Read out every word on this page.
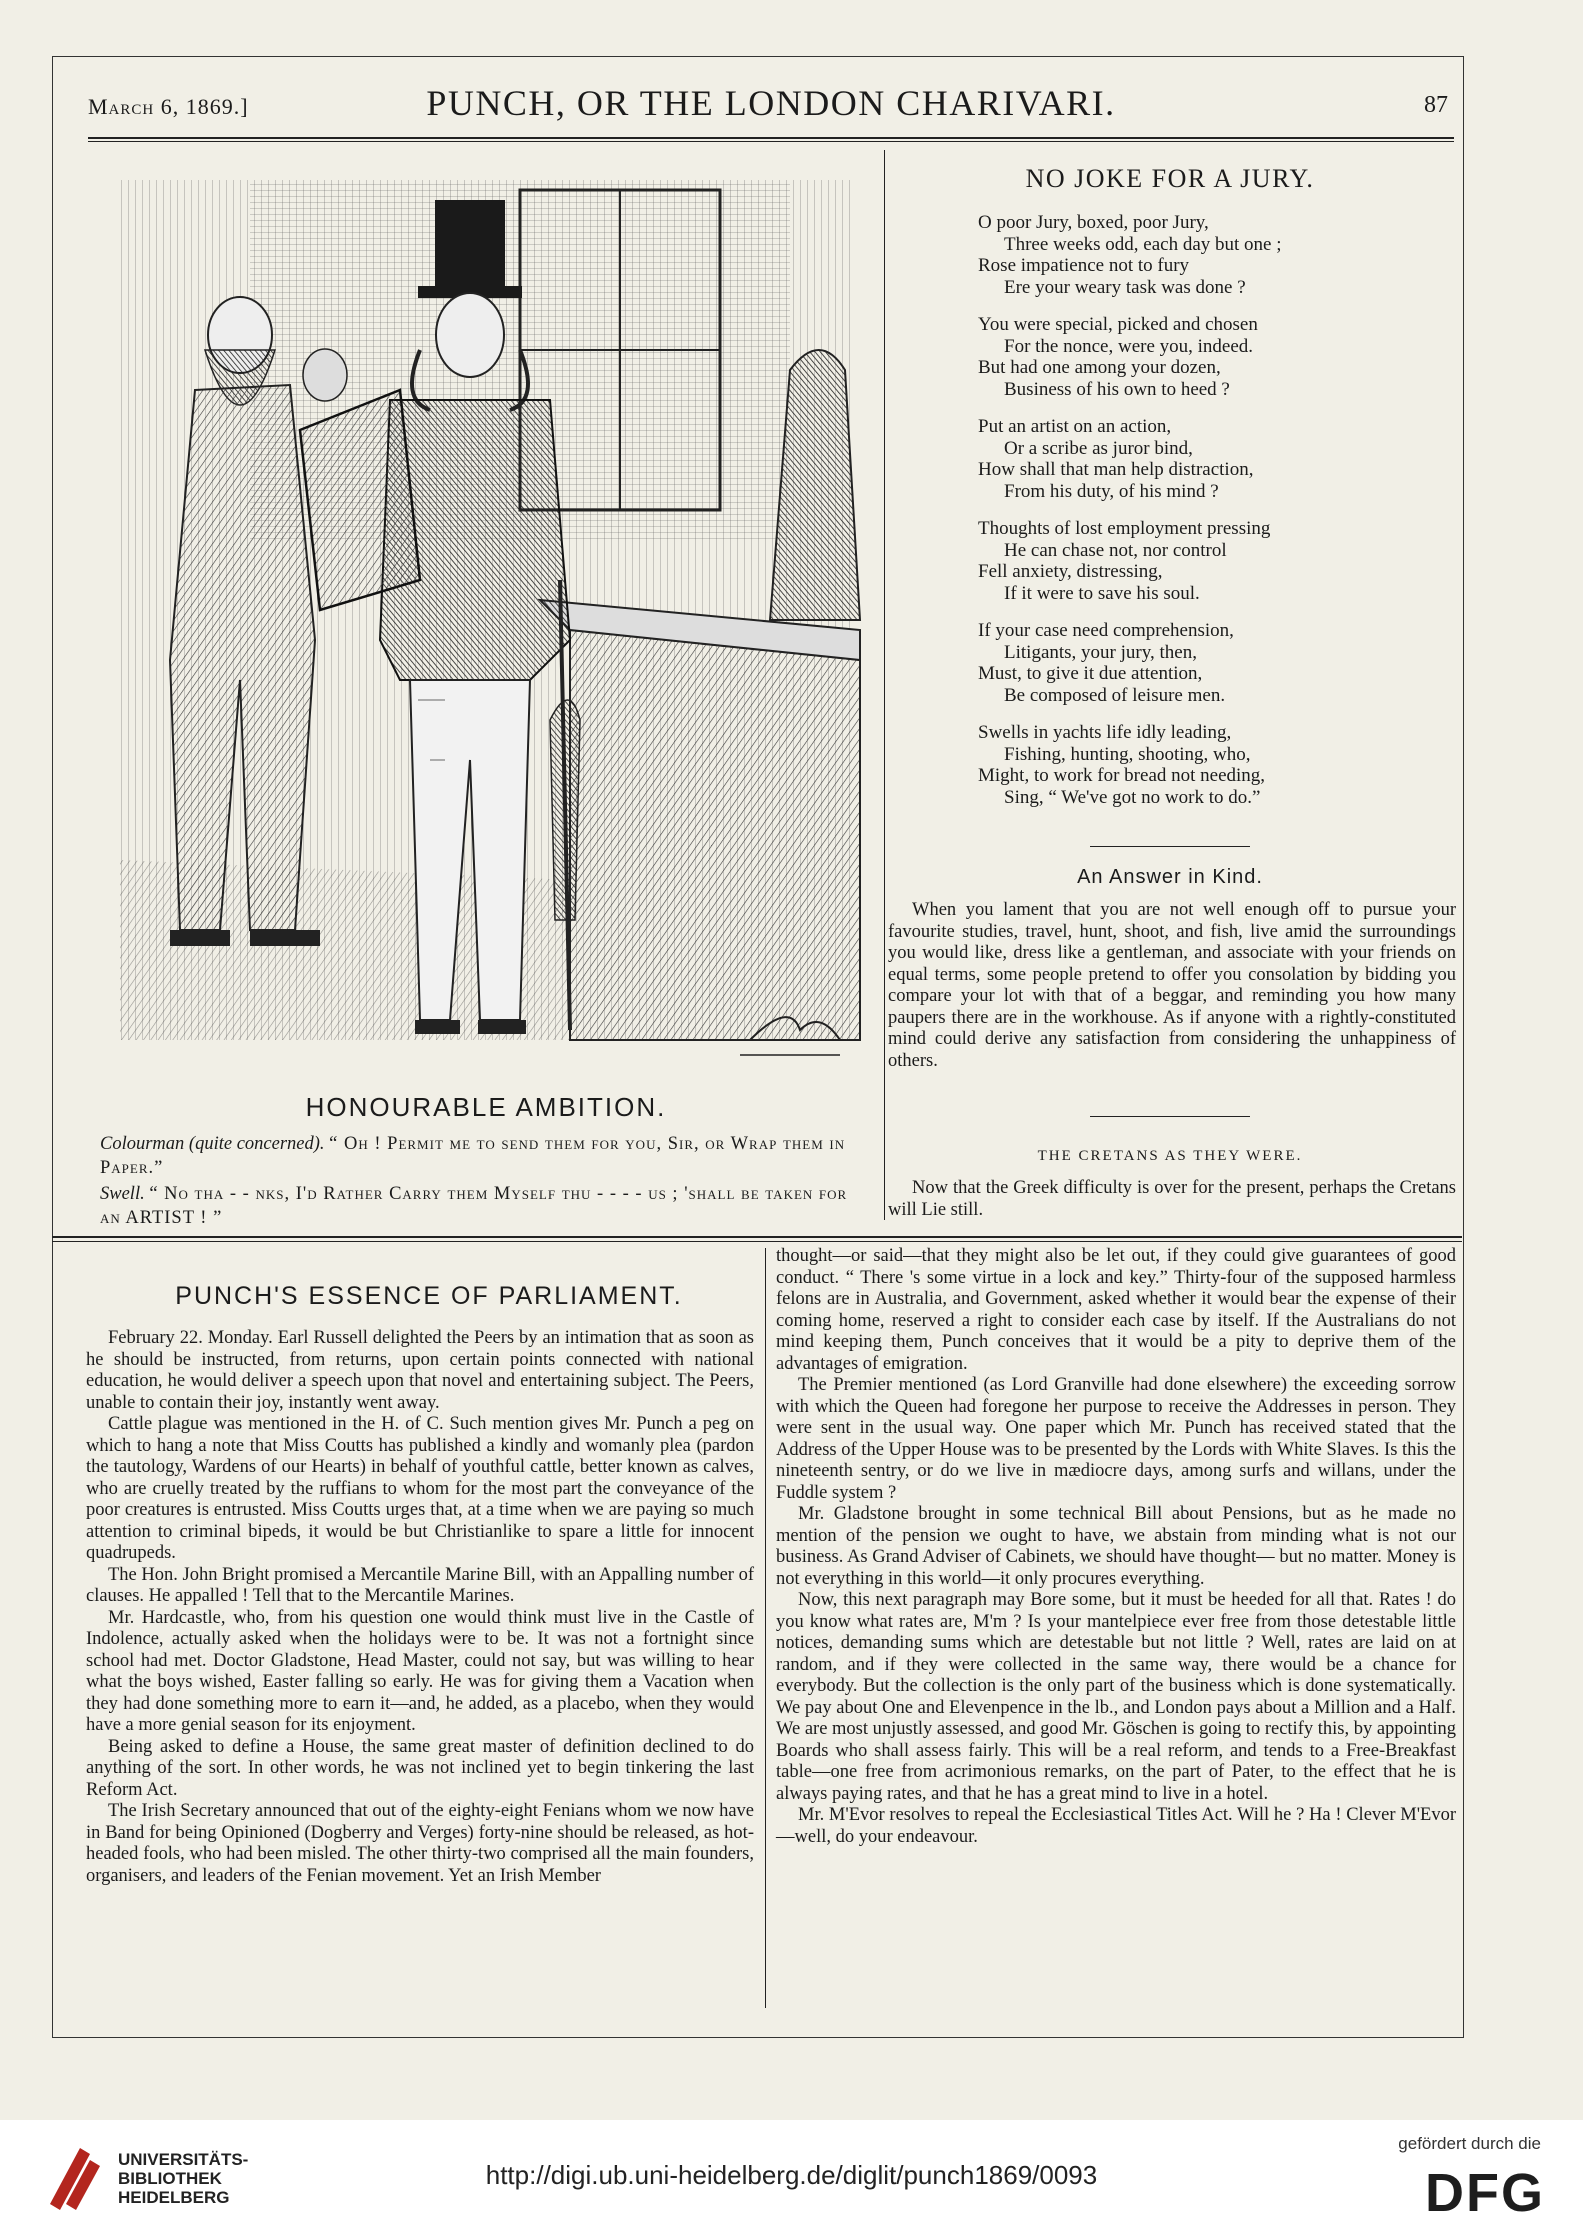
March 6, 1869.]	PUNCH, OR THE LONDON CHARIVARI.	87
HONOURABLE AMBITION.
Colourman (quite concerned). “ Oh ! Permit me to send them for you, Sir, or Wrap them in Paper.”
Swell. “ No tha - - nks, I'd Rather Carry them Myself thu - - - - us ; 'shall be taken for an ARTIST ! ”
NO JOKE FOR A JURY.
O poor Jury, boxed, poor Jury,
Three weeks odd, each day but one ;
Rose impatience not to fury
Ere your weary task was done ?
You were special, picked and chosen
For the nonce, were you, indeed.
But had one among your dozen,
Business of his own to heed ?
Put an artist on an action,
Or a scribe as juror bind,
How shall that man help distraction,
From his duty, of his mind ?
Thoughts of lost employment pressing
He can chase not, nor control
Fell anxiety, distressing,
If it were to save his soul.
If your case need comprehension,
Litigants, your jury, then,
Must, to give it due attention,
Be composed of leisure men.
Swells in yachts life idly leading,
Fishing, hunting, shooting, who,
Might, to work for bread not needing,
Sing, “ We've got no work to do.”
An Answer in Kind.
When you lament that you are not well enough off to pursue your favourite studies, travel, hunt, shoot, and fish, live amid the surroundings you would like, dress like a gentleman, and associate with your friends on equal terms, some people pretend to offer you consolation by bidding you compare your lot with that of a beggar, and reminding you how many paupers there are in the workhouse. As if anyone with a rightly-constituted mind could derive any satisfaction from considering the unhappiness of others.
THE CRETANS AS THEY WERE.
Now that the Greek difficulty is over for the present, perhaps the Cretans will Lie still.
PUNCH'S ESSENCE OF PARLIAMENT.
February 22. Monday. Earl Russell delighted the Peers by an intimation that as soon as he should be instructed, from returns, upon certain points connected with national education, he would deliver a speech upon that novel and entertaining subject. The Peers, unable to contain their joy, instantly went away.
Cattle plague was mentioned in the H. of C. Such mention gives Mr. Punch a peg on which to hang a note that Miss Coutts has published a kindly and womanly plea (pardon the tautology, Wardens of our Hearts) in behalf of youthful cattle, better known as calves, who are cruelly treated by the ruffians to whom for the most part the conveyance of the poor creatures is entrusted. Miss Coutts urges that, at a time when we are paying so much attention to criminal bipeds, it would be but Christianlike to spare a little for innocent quadrupeds.
The Hon. John Bright promised a Mercantile Marine Bill, with an Appalling number of clauses. He appalled ! Tell that to the Mercantile Marines.
Mr. Hardcastle, who, from his question one would think must live in the Castle of Indolence, actually asked when the holidays were to be. It was not a fortnight since school had met. Doctor Gladstone, Head Master, could not say, but was willing to hear what the boys wished, Easter falling so early. He was for giving them a Vacation when they had done something more to earn it—and, he added, as a placebo, when they would have a more genial season for its enjoyment.
Being asked to define a House, the same great master of definition declined to do anything of the sort. In other words, he was not inclined yet to begin tinkering the last Reform Act.
The Irish Secretary announced that out of the eighty-eight Fenians whom we now have in Band for being Opinioned (Dogberry and Verges) forty-nine should be released, as hot-headed fools, who had been misled. The other thirty-two comprised all the main founders, organisers, and leaders of the Fenian movement. Yet an Irish Member
thought—or said—that they might also be let out, if they could give guarantees of good conduct. “ There 's some virtue in a lock and key.” Thirty-four of the supposed harmless felons are in Australia, and Government, asked whether it would bear the expense of their coming home, reserved a right to consider each case by itself. If the Australians do not mind keeping them, Punch conceives that it would be a pity to deprive them of the advantages of emigration.
The Premier mentioned (as Lord Granville had done elsewhere) the exceeding sorrow with which the Queen had foregone her purpose to receive the Addresses in person. They were sent in the usual way. One paper which Mr. Punch has received stated that the Address of the Upper House was to be presented by the Lords with White Slaves. Is this the nineteenth sentry, or do we live in mædiocre days, among surfs and willans, under the Fuddle system ?
Mr. Gladstone brought in some technical Bill about Pensions, but as he made no mention of the pension we ought to have, we abstain from minding what is not our business. As Grand Adviser of Cabinets, we should have thought— but no matter. Money is not everything in this world—it only procures everything.
Now, this next paragraph may Bore some, but it must be heeded for all that. Rates ! do you know what rates are, M'm ? Is your mantelpiece ever free from those detestable little notices, demanding sums which are detestable but not little ? Well, rates are laid on at random, and if they were collected in the same way, there would be a chance for everybody. But the collection is the only part of the business which is done systematically. We pay about One and Elevenpence in the lb., and London pays about a Million and a Half. We are most unjustly assessed, and good Mr. Göschen is going to rectify this, by appointing Boards who shall assess fairly. This will be a real reform, and tends to a Free-Breakfast table—one free from acrimonious remarks, on the part of Pater, to the effect that he is always paying rates, and that he has a great mind to live in a hotel.
Mr. M'Evor resolves to repeal the Ecclesiastical Titles Act. Will he ? Ha ! Clever M'Evor—well, do your endeavour.
UNIVERSITÄTS-
BIBLIOTHEK
HEIDELBERG
http://digi.ub.uni-heidelberg.de/diglit/punch1869/0093
gefördert durch die
DFG
